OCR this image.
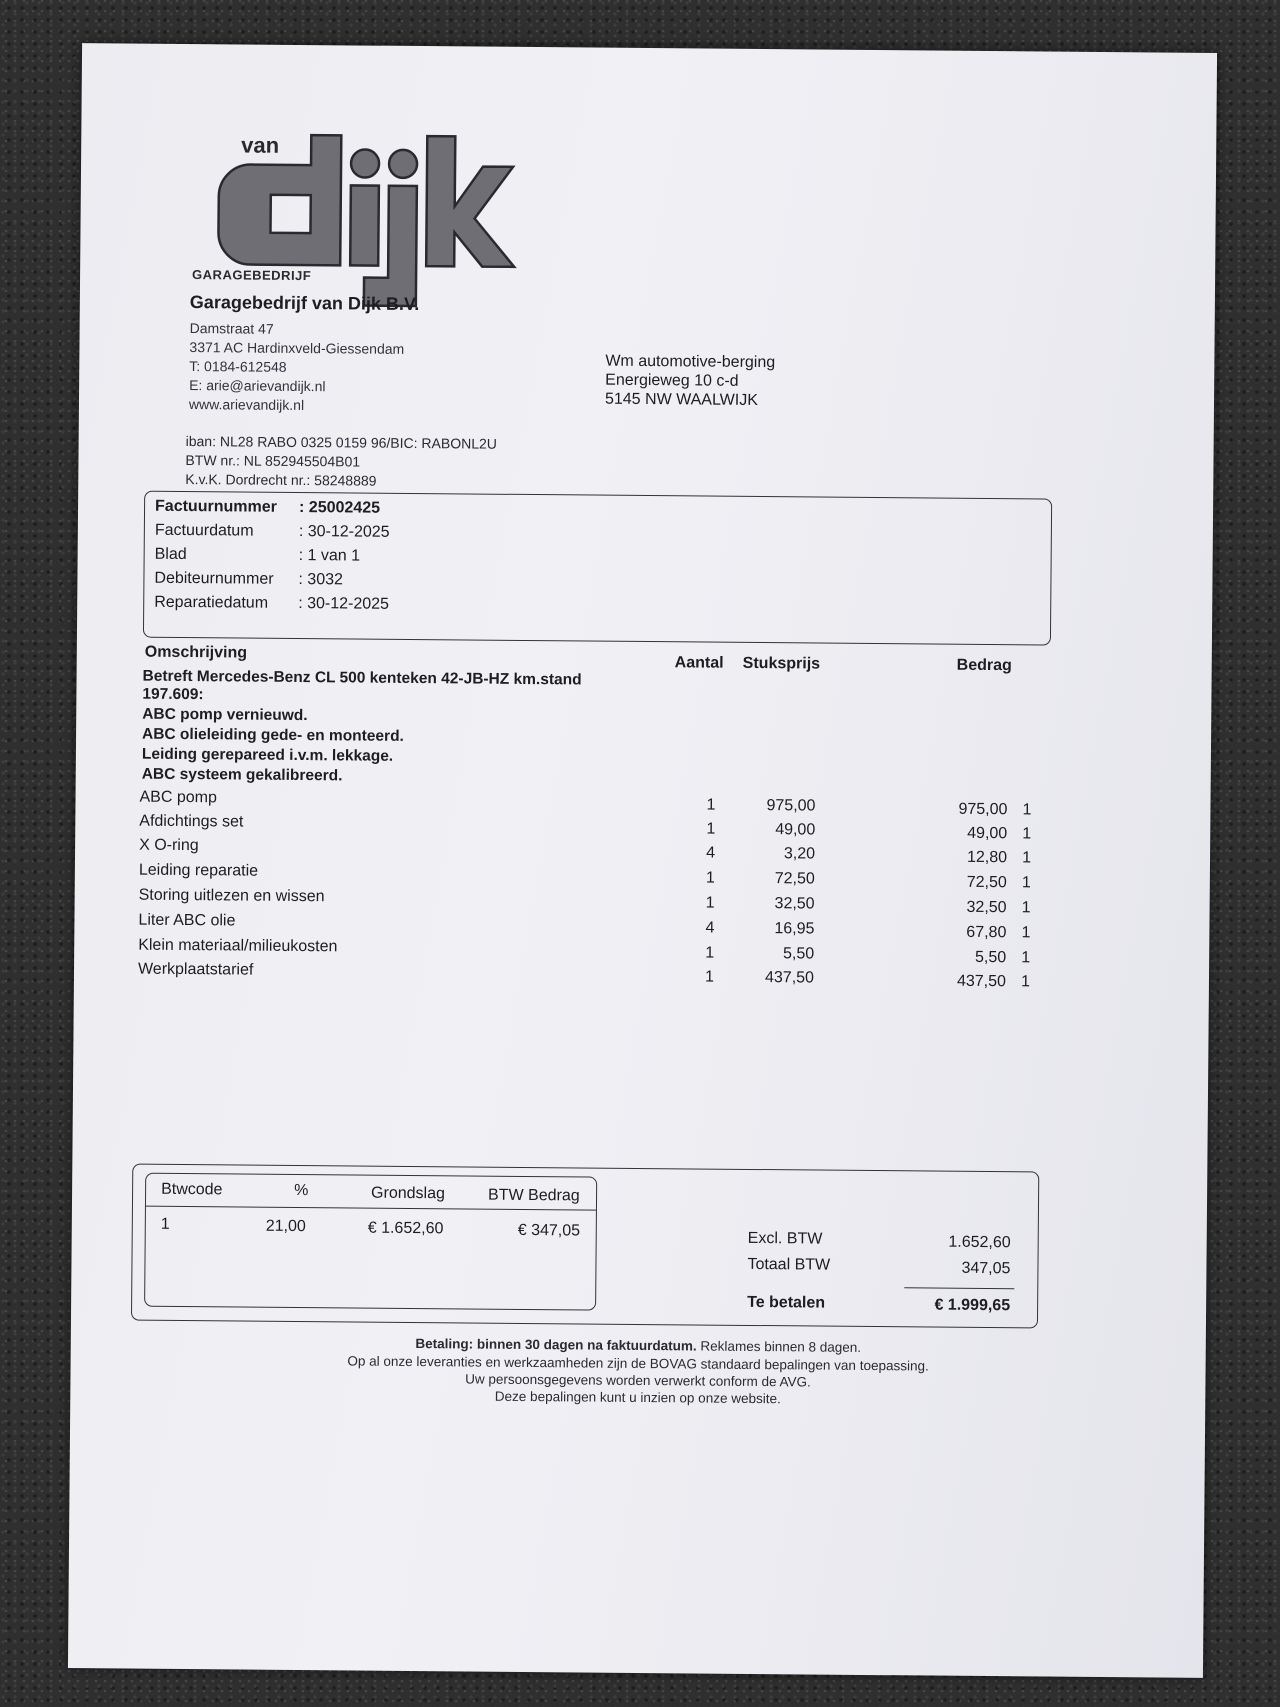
van
GARAGEBEDRIJF
Garagebedrijf van Dijk B.V.
Damstraat 47
3371 AC Hardinxveld-Giessendam
T: 0184-612548
E: arie@arievandijk.nl
www.arievandijk.nl
iban: NL28 RABO 0325 0159 96/BIC: RABONL2U
BTW nr.: NL 852945504B01
K.v.K. Dordrecht nr.: 58248889
Wm automotive-berging
Energieweg 10 c-d
5145 NW WAALWIJK
Factuurnummer : 25002425
Factuurdatum	: 30-12-2025
Blad	: 1 van 1
Debiteurnummer : 3032
Reparatiedatum : 30-12-2025
Omschrijving
Aantal Stuksprijs	Bedrag
Betreft Mercedes-Benz CL 500 kenteken 42-JB-HZ km.stand
197.609:
ABC pomp vernieuwd.
ABC olieleiding gede- en monteerd.
Leiding gerepareed i.v.m. lekkage.
ABC systeem gekalibreerd.
ABC pomp	1	975,00	975,00 1
Afdichtings set	1	49,00	49,00 1
X O-ring	4	3,20	12,80 1
Leiding reparatie	1	72,50	72,50 1
Storing uitlezen en wissen	1	32,50	32,50 1
Liter ABC olie	4	16,95	67,80 1
Klein materiaal/milieukosten	1	5,50	5,50 1
Werkplaatstarief	1	437,50	437,50 1
Btwcode	%	Grondslag	BTW Bedrag
1	21,00	€ 1.652,60	€ 347,05	Excl. BTW	1.652,60
Totaal BTW	347,05
Te betalen	€ 1.999,65
Betaling: binnen 30 dagen na faktuurdatum. Reklames binnen 8 dagen.
Op al onze leveranties en werkzaamheden zijn de BOVAG standaard bepalingen van toepassing.
Uw persoonsgegevens worden verwerkt conform de AVG.
Deze bepalingen kunt u inzien op onze website.
